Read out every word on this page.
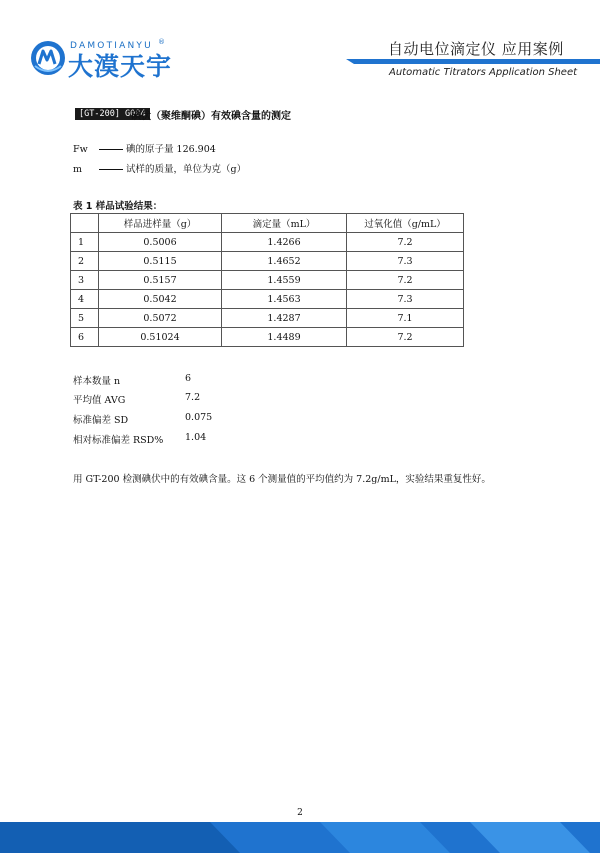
DAMOTIANYU ®
大漠天宇
自动电位滴定仪 应用案例
Automatic Titrators Application Sheet
[GT-200] G004
碘伏（聚维酮碘）有效碘含量的测定
Fw	碘的原子量 126.904
m	试样的质量，单位为克（g）
表 1 样品试验结果：
	样品进样量（g）	滴定量（mL）	过氧化值（g/mL）
1	0.5006	1.4266	7.2
2	0.5115	1.4652	7.3
3	0.5157	1.4559	7.2
4	0.5042	1.4563	7.3
5	0.5072	1.4287	7.1
6	0.51024	1.4489	7.2
样本数量 n	6
平均值 AVG	7.2
标准偏差 SD	0.075
相对标准偏差 RSD% 1.04
用 GT-200 检测碘伏中的有效碘含量。这 6 个测量值的平均值约为 7.2g/mL，实验结果重复性好。
2
